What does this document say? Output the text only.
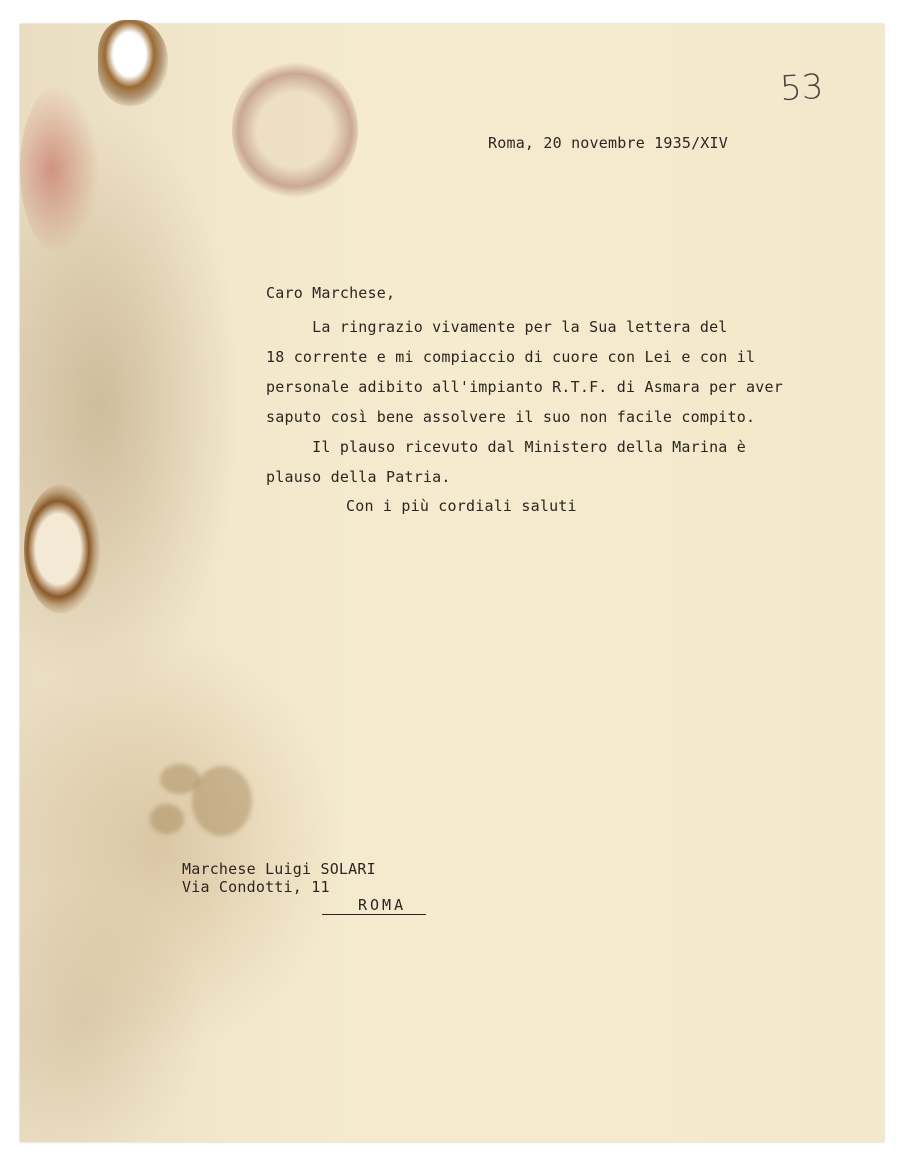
53
Roma, 20 novembre 1935/XIV
Caro Marchese,
La ringrazio vivamente per la Sua lettera del
18 corrente e mi compiaccio di cuore con Lei e con il
personale adibito all'impianto R.T.F. di Asmara per aver
saputo così bene assolvere il suo non facile compito.
Il plauso ricevuto dal Ministero della Marina è
plauso della Patria.
Con i più cordiali saluti
Marchese Luigi SOLARI
Via Condotti, 11
ROMA
